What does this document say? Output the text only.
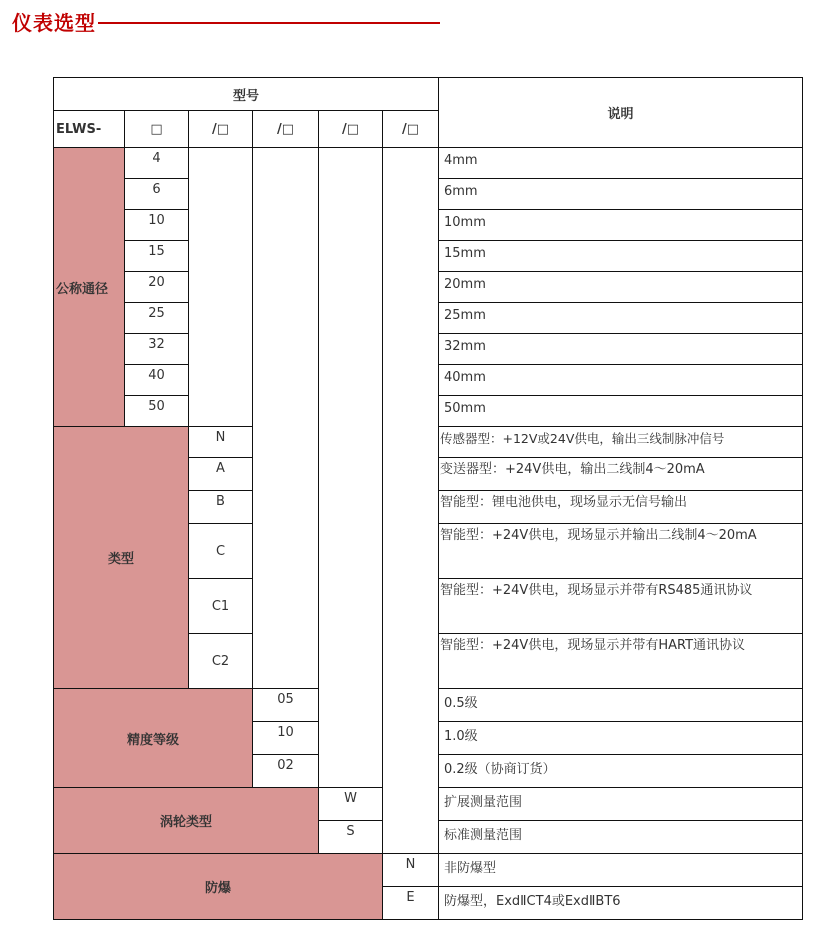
仪表选型
型号						说明
ELWS-	□	/□	/□	/□	/□	
公称通径	4					4mm
	6					6mm
	10					10mm
	15					15mm
	20					20mm
	25					25mm
	32					32mm
	40					40mm
	50					50mm
类型		N				传感器型：+12V或24V供电，输出三线制脉冲信号
		A				变送器型：+24V供电，输出二线制4～20mA
		B				智能型：锂电池供电，现场显示无信号输出
		C				智能型：+24V供电，现场显示并输出二线制4～20mA
		C1				智能型：+24V供电，现场显示并带有RS485通讯协议
		C2				智能型：+24V供电，现场显示并带有HART通讯协议
精度等级			05			0.5级
			10			1.0级
			02			0.2级（协商订货）
涡轮类型				W		扩展测量范围
				S		标准测量范围
防爆					N	非防爆型
					E	防爆型，ExdⅡCT4或ExdⅡBT6
